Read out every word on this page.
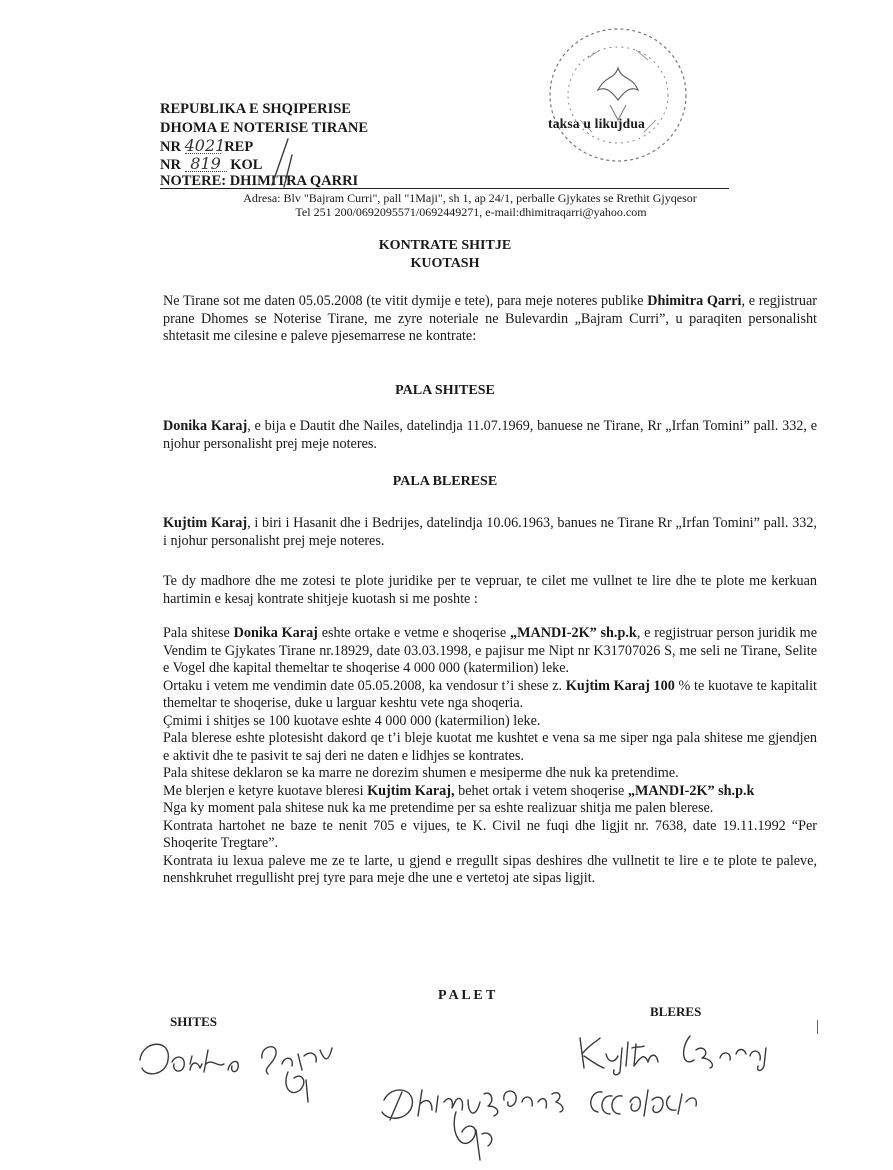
taksa u likujdua
REPUBLIKA E SHQIPERISE
DHOMA E NOTERISE TIRANE
NR 4021 REP
NR 819 KOL
NOTERE: DHIMITRA QARRI
Adresa: Blv "Bajram Curri", pall "1Maji", sh 1, ap 24/1, perballe Gjykates se Rrethit Gjyqesor
Tel 251 200/0692095571/0692449271, e-mail:dhimitraqarri@yahoo.com
KONTRATE SHITJE
KUOTASH

Ne Tirane sot me daten 05.05.2008 (te vitit dymije e tete), para meje noteres publike Dhimitra Qarri, e regjistruar prane Dhomes se Noterise Tirane, me zyre noteriale ne Bulevardin „Bajram Curri”, u paraqiten personalisht shtetasit me cilesine e paleve pjesemarrese ne kontrate:

PALA SHITESE

Donika Karaj, e bija e Dautit dhe Nailes, datelindja 11.07.1969, banuese ne Tirane, Rr „Irfan Tomini” pall. 332, e njohur personalisht prej meje noteres.

PALA BLERESE

Kujtim Karaj, i biri i Hasanit dhe i Bedrijes, datelindja 10.06.1963, banues ne Tirane Rr „Irfan Tomini” pall. 332, i njohur personalisht prej meje noteres.

Te dy madhore dhe me zotesi te plote juridike per te vepruar, te cilet me vullnet te lire dhe te plote me kerkuan hartimin e kesaj kontrate shitjeje kuotash si me poshte :

Pala shitese Donika Karaj eshte ortake e vetme e shoqerise „MANDI-2K” sh.p.k, e regjistruar person juridik me Vendim te Gjykates Tirane nr.18929, date 03.03.1998, e pajisur me Nipt nr K31707026 S, me seli ne Tirane, Selite e Vogel dhe kapital themeltar te shoqerise 4 000 000 (katermilion) leke.

Ortaku i vetem me vendimin date 05.05.2008, ka vendosur t’i shese z. Kujtim Karaj 100 % te kuotave te kapitalit themeltar te shoqerise, duke u larguar keshtu vete nga shoqeria.

Çmimi i shitjes se 100 kuotave eshte 4 000 000 (katermilion) leke.

Pala blerese eshte plotesisht dakord qe t’i bleje kuotat me kushtet e vena sa me siper nga pala shitese me gjendjen e aktivit dhe te pasivit te saj deri ne daten e lidhjes se kontrates.

Pala shitese deklaron se ka marre ne dorezim shumen e mesiperme dhe nuk ka pretendime.

Me blerjen e ketyre kuotave bleresi Kujtim Karaj, behet ortak i vetem shoqerise „MANDI-2K” sh.p.k

Nga ky moment pala shitese nuk ka me pretendime per sa eshte realizuar shitja me palen blerese.

Kontrata hartohet ne baze te nenit 705 e vijues, te K. Civil ne fuqi dhe ligjit nr. 7638, date 19.11.1992 “Per Shoqerite Tregtare”.

Kontrata iu lexua paleve me ze te larte, u gjend e rregullt sipas deshires dhe vullnetit te lire e te plote te paleve, nenshkruhet rregullisht prej tyre para meje dhe une e vertetoj ate sipas ligjit.

P A L E T
SHITES
BLERES
